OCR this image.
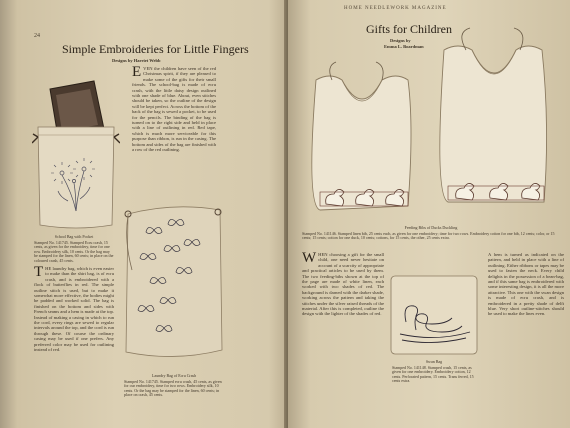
24
Simple Embroideries for Little Fingers
Designs by Harriet Webb
School Bag with Pocket
Stamped No. 141745. Stamped Ecru crash, 15 cents, as given for the embroidery, time for one row. Embroidery silk, 10 cents. Or the bag may be stamped for the linen, 60 cents; in place on the coloured crash, 45 cents.
EVEN the children have seen of the red Christmas spirit, if they are pleased to make some of the gifts for their small friends. The school-bag is made of ecru crash, with the little daisy design outlined with one shade of blue. About, even stitches should be taken, so the outline of the design will be kept perfect. Across the bottom of the back of the bag is sewed a pocket, to be used for the pencils. The binding of the bag is turned on to the right side and held in place with a line of outlining in red. Red tape, which is much more serviceable for this purpose than ribbon, is run in the casing. The bottom and sides of the bag are finished with a row of the red outlining.
Laundry Bag of Ecru Crash
Stamped No. 141745. Stamped ecru crash, 45 cents, as given for our embroidery, time for two rows. Embroidery silk, 10 cents. Or the bag may be stamped for the linen, 60 cents; in place on crash, 45 cents.
THE laundry bag, which is even easier to make than the shirt bag, is of ecru crash, and is embroidered with a flock of butterflies in red. The simple outline stitch is used, but to make it somewhat more effective, the bodies might be padded and worked solid. The bag is finished on the bottom and sides with French seams and a hem is made at the top. Instead of making a casing in which to run the cord, every rings are sewed to regular intervals around the top, and the cord is run through these. Of course the ordinary casing may be used if one prefers. Any preferred color may be used for outlining instead of red.
HOME NEEDLEWORK MAGAZINE
Gifts for Children
Designs by
Emma L. Boardman
Feeding Bibs of Ducks Duckling
Stamped No. 141146. Stamped linen bib, 25 cents each, as given for one embroidery; time for two rows. Embroidery cotton for one bib, 12 cents; color, or 15 cents; 15 cents; cotton for one duck, 10 cents; cottons, for 15 cents, the other, 25 cents extra.
WHEN choosing a gift for the small child, one need never hesitate on account of a scarcity of appropriate and practical articles to be used by them. The two feeding-bibs shown at the top of the page are made of white linen, each worked with two shades of red. The background is darned with the darker shade, working across the pattern and taking the stitches under the silver raised threads of the material. After this is completed, outline the design with the lighter of the shades of red.
Swan Bag
Stamped No. 141148. Stamped crash, 15 cents, as given for one embroidery. Embroidery cotton, 12 cents. Perforated pattern, 15 cents. Trans ferred, 15 cents extra.
A hem is turned as indicated on the pattern, and held in place with a line of outlining. Either ribbons or tapes may be used to fasten the neck. Every child delights in the possession of a bean-bag, and if this same bag is embroidered with some interesting design, it is all the more attractive. This one with the swan design is made of ecru crash, and is embroidered in a pretty shade of delft blue. Very short outline-stitches should be used to make the lines even.
